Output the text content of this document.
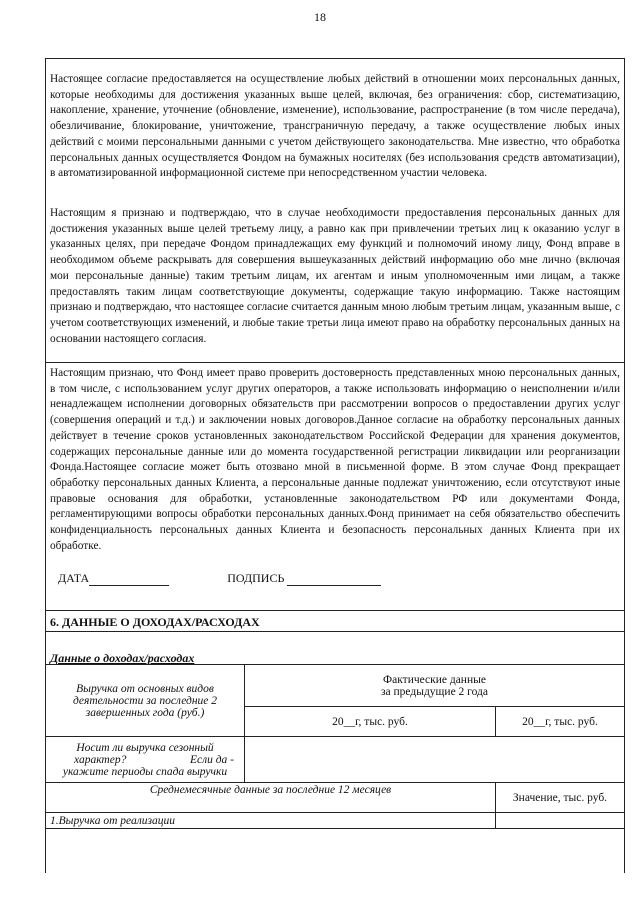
18

Настоящее согласие предоставляется на осуществление любых действий в отношении моих персональных данных, которые необходимы для достижения указанных выше целей, включая, без ограничения: сбор, систематизацию, накопление, хранение, уточнение (обновление, изменение), использование, распространение (в том числе передача), обезличивание, блокирование, уничтожение, трансграничную передачу, а также осуществление любых иных действий с моими персональными данными с учетом действующего законодательства. Мне известно, что обработка персональных данных осуществляется Фондом на бумажных носителях (без использования средств автоматизации), в автоматизированной информационной системе при непосредственном участии человека.

Настоящим я признаю и подтверждаю, что в случае необходимости предоставления персональных данных для достижения указанных выше целей третьему лицу, а равно как при привлечении третьих лиц к оказанию услуг в указанных целях, при передаче Фондом принадлежащих ему функций и полномочий иному лицу, Фонд вправе в необходимом объеме раскрывать для совершения вышеуказанных действий информацию обо мне лично (включая мои персональные данные) таким третьим лицам, их агентам и иным уполномоченным ими лицам, а также предоставлять таким лицам соответствующие документы, содержащие такую информацию. Также настоящим признаю и подтверждаю, что настоящее согласие считается данным мною любым третьим лицам, указанным выше, с учетом соответствующих изменений, и любые такие третьи лица имеют право на обработку персональных данных на основании настоящего согласия.

Настоящим признаю, что Фонд имеет право проверить достоверность представленных мною персональных данных, в том числе, с использованием услуг других операторов, а также использовать информацию о неисполнении и/или ненадлежащем исполнении договорных обязательств при рассмотрении вопросов о предоставлении других услуг (совершения операций и т.д.) и заключении новых договоров.Данное согласие на обработку персональных данных действует в течение сроков установленных законодательством Российской Федерации для хранения документов, содержащих персональные данные или до момента государственной регистрации ликвидации или реорганизации Фонда.Настоящее согласие может быть отозвано мной в письменной форме. В этом случае Фонд прекращает обработку персональных данных Клиента, а персональные данные подлежат уничтожению, если отсутствуют иные правовые основания для обработки, установленные законодательством РФ или документами Фонда, регламентирующими вопросы обработки персональных данных.Фонд принимает на себя обязательство обеспечить конфиденциальность персональных данных Клиента и безопасность персональных данных Клиента при их обработке.

ДАТА	ПОДПИСЬ
6. ДАННЫЕ О ДОХОДАХ/РАСХОДАХ
Данные о доходах/расходах
Выручка от основных видов деятельности за последние 2 завершенных года (руб.)	Фактические данные
за предыдущие 2 года	

	20__г, тыс. руб.	20__г, тыс. руб.

Носит ли выручка сезонный
характер? Если да -
укажите периоды спада выручки		

Среднемесячные данные за последние 12 месяцев		Значение, тыс. руб.
1.Выручка от реализации		
